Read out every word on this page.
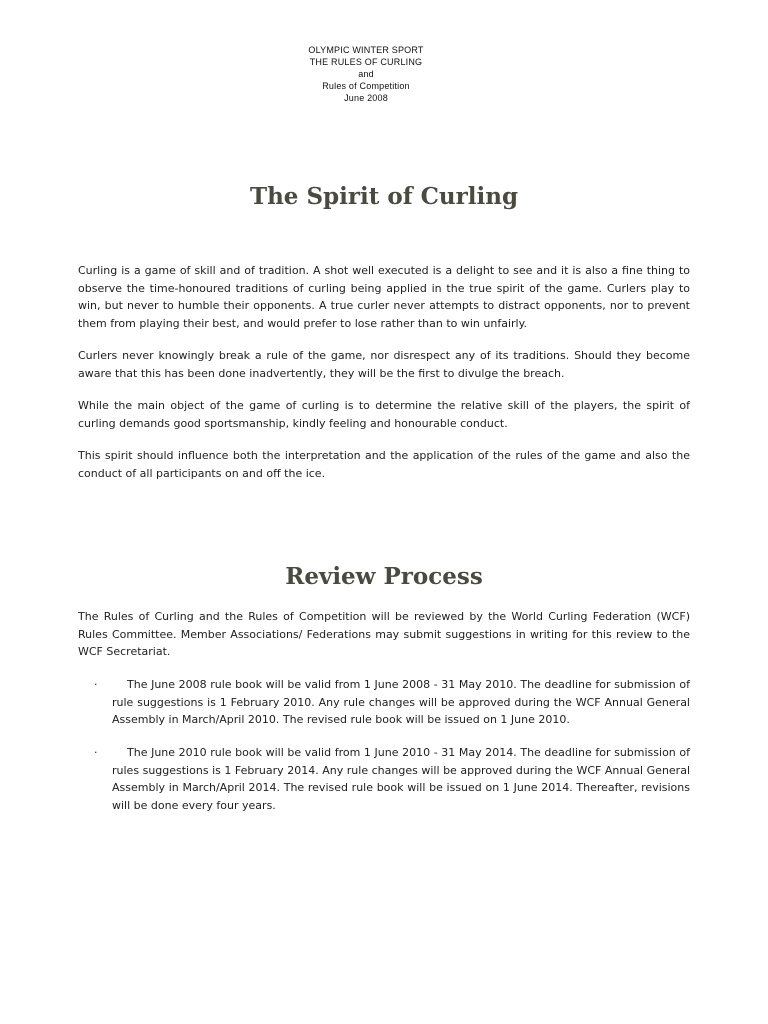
OLYMPIC WINTER SPORT
THE RULES OF CURLING
and
Rules of Competition
June 2008
The Spirit of Curling

Curling is a game of skill and of tradition. A shot well executed is a delight to see and it is also a fine thing to observe the time-honoured traditions of curling being applied in the true spirit of the game. Curlers play to win, but never to humble their opponents. A true curler never attempts to distract opponents, nor to prevent them from playing their best, and would prefer to lose rather than to win unfairly.

Curlers never knowingly break a rule of the game, nor disrespect any of its traditions. Should they become aware that this has been done inadvertently, they will be the first to divulge the breach.

While the main object of the game of curling is to determine the relative skill of the players, the spirit of curling demands good sportsmanship, kindly feeling and honourable conduct.

This spirit should influence both the interpretation and the application of the rules of the game and also the conduct of all participants on and off the ice.

Review Process

The Rules of Curling and the Rules of Competition will be reviewed by the World Curling Federation (WCF) Rules Committee. Member Associations/ Federations may submit suggestions in writing for this review to the WCF Secretariat.

·	The June 2008 rule book will be valid from 1 June 2008 - 31 May 2010. The deadline for submission of rule suggestions is 1 February 2010. Any rule changes will be approved during the WCF Annual General Assembly in March/April 2010. The revised rule book will be issued on 1 June 2010.

·	The June 2010 rule book will be valid from 1 June 2010 - 31 May 2014. The deadline for submission of rules suggestions is 1 February 2014. Any rule changes will be approved during the WCF Annual General Assembly in March/April 2014. The revised rule book will be issued on 1 June 2014. Thereafter, revisions will be done every four years.
